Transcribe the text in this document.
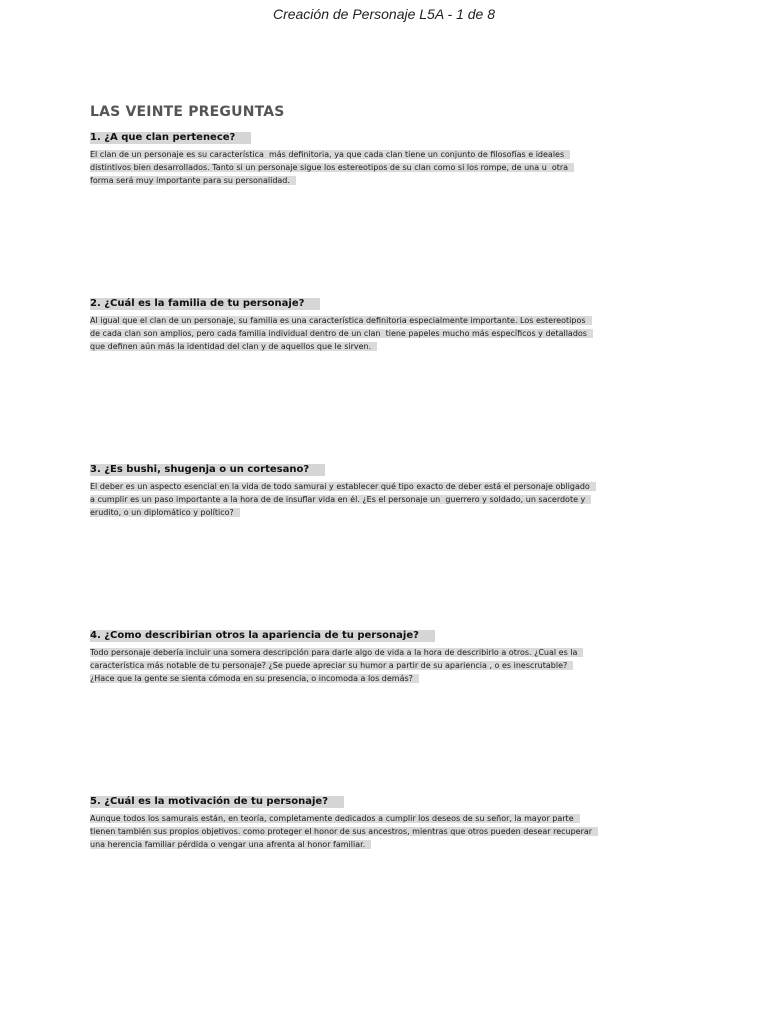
Creación de Personaje L5A - 1 de 8
LAS VEINTE PREGUNTAS
1. ¿A que clan pertenece?
El clan de un personaje es su característica  más definitoria, ya que cada clan tiene un conjunto de filosofías e ideales
distintivos bien desarrollados. Tanto si un personaje sigue los estereotipos de su clan como si los rompe, de una u  otra
forma será muy importante para su personalidad.
2. ¿Cuál es la familia de tu personaje?
Al igual que el clan de un personaje, su familia es una característica definitoria especialmente importante. Los estereotipos
de cada clan son amplios, pero cada familia individual dentro de un clan  tiene papeles mucho más específicos y detallados
que definen aún más la identidad del clan y de aquellos que le sirven.
3. ¿Es bushi, shugenja o un cortesano?
El deber es un aspecto esencial en la vida de todo samurai y establecer qué tipo exacto de deber está el personaje obligado
a cumplir es un paso importante a la hora de de insuflar vida en él. ¿Es el personaje un  guerrero y soldado, un sacerdote y
erudito, o un diplomático y político?
4. ¿Como describirian otros la apariencia de tu personaje?
Todo personaje debería incluir una somera descripción para darle algo de vida a la hora de describirlo a otros. ¿Cual es la
característica más notable de tu personaje? ¿Se puede apreciar su humor a partir de su apariencia , o es inescrutable?
¿Hace que la gente se sienta cómoda en su presencia, o incomoda a los demás?
5. ¿Cuál es la motivación de tu personaje?
Aunque todos los samurais están, en teoría, completamente dedicados a cumplir los deseos de su señor, la mayor parte
tienen también sus propios objetivos. como proteger el honor de sus ancestros, mientras que otros pueden desear recuperar
una herencia familiar pérdida o vengar una afrenta al honor familiar.
